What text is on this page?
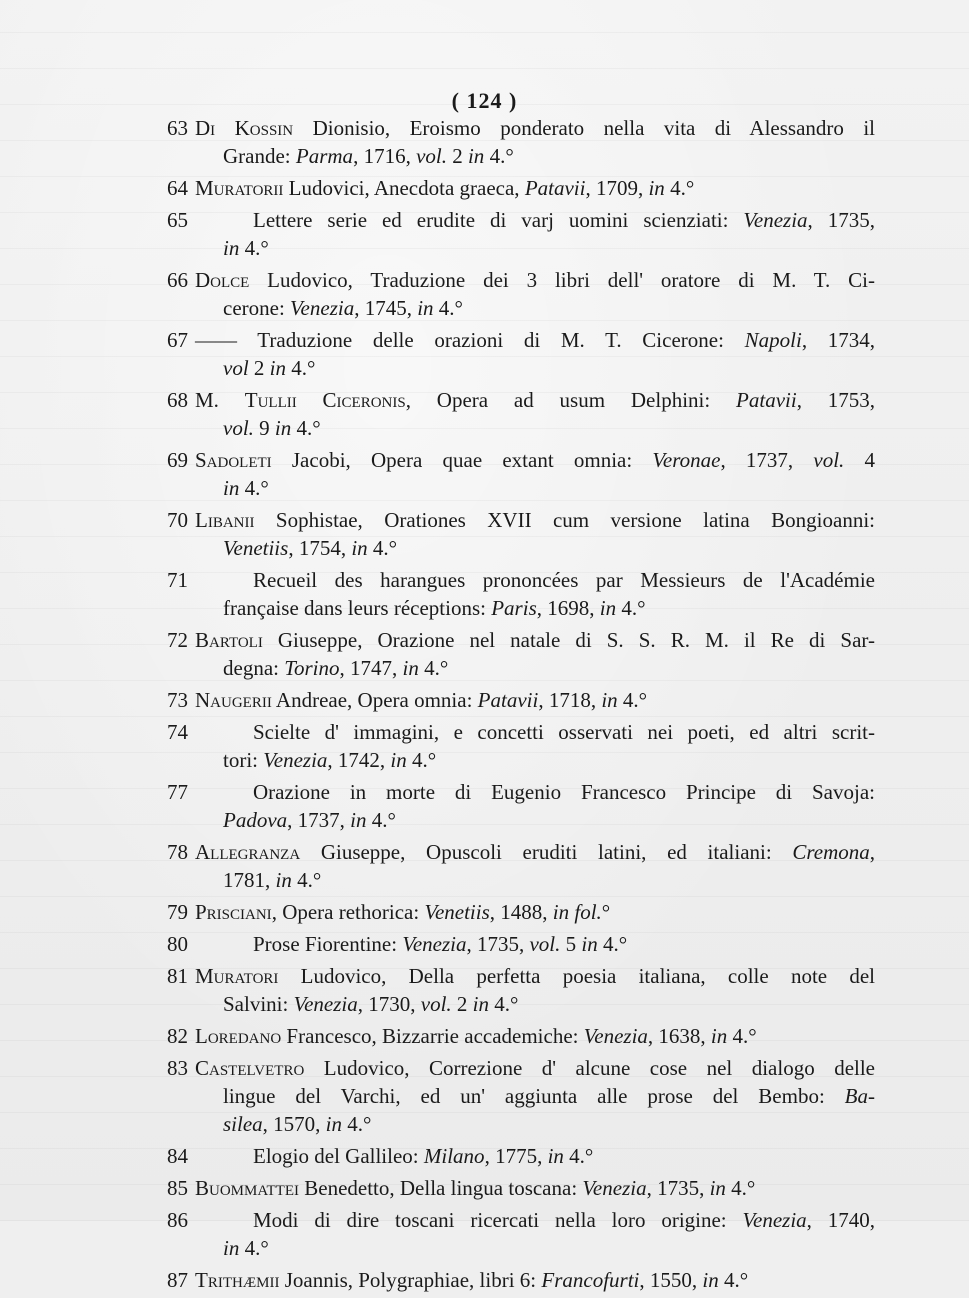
( 124 )
63 Di Kossin Dionisio, Eroismo ponderato nella vita di Alessandro il
Grande: Parma, 1716, vol. 2 in 4.°
64 Muratorii Ludovici, Anecdota graeca, Patavii, 1709, in 4.°
65	Lettere serie ed erudite di varj uomini scienziati: Venezia, 1735,
in 4.°
66 Dolce Ludovico, Traduzione dei 3 libri dell' oratore di M. T. Ci-
cerone: Venezia, 1745, in 4.°
67 —— Traduzione delle orazioni di M. T. Cicerone: Napoli, 1734,
vol 2 in 4.°
68 M. Tullii Ciceronis, Opera ad usum Delphini: Patavii, 1753,
vol. 9 in 4.°
69 Sadoleti Jacobi, Opera quae extant omnia: Veronae, 1737, vol. 4
in 4.°
70 Libanii Sophistae, Orationes XVII cum versione latina Bongioanni:
Venetiis, 1754, in 4.°
71	Recueil des harangues prononcées par Messieurs de l'Académie
française dans leurs réceptions: Paris, 1698, in 4.°
72 Bartoli Giuseppe, Orazione nel natale di S. S. R. M. il Re di Sar-
degna: Torino, 1747, in 4.°
73 Naugerii Andreae, Opera omnia: Patavii, 1718, in 4.°
74	Scielte d' immagini, e concetti osservati nei poeti, ed altri scrit-
tori: Venezia, 1742, in 4.°
77	Orazione in morte di Eugenio Francesco Principe di Savoja:
Padova, 1737, in 4.°
78 Allegranza Giuseppe, Opuscoli eruditi latini, ed italiani: Cremona,
1781, in 4.°
79 Prisciani, Opera rethorica: Venetiis, 1488, in fol.°
80	Prose Fiorentine: Venezia, 1735, vol. 5 in 4.°
81 Muratori Ludovico, Della perfetta poesia italiana, colle note del
Salvini: Venezia, 1730, vol. 2 in 4.°
82 Loredano Francesco, Bizzarrie accademiche: Venezia, 1638, in 4.°
83 Castelvetro Ludovico, Correzione d' alcune cose nel dialogo delle
lingue del Varchi, ed un' aggiunta alle prose del Bembo: Ba-
silea, 1570, in 4.°
84	Elogio del Gallileo: Milano, 1775, in 4.°
85 Buommattei Benedetto, Della lingua toscana: Venezia, 1735, in 4.°
86	Modi di dire toscani ricercati nella loro origine: Venezia, 1740,
in 4.°
87 Trithæmii Joannis, Polygraphiae, libri 6: Francofurti, 1550, in 4.°
